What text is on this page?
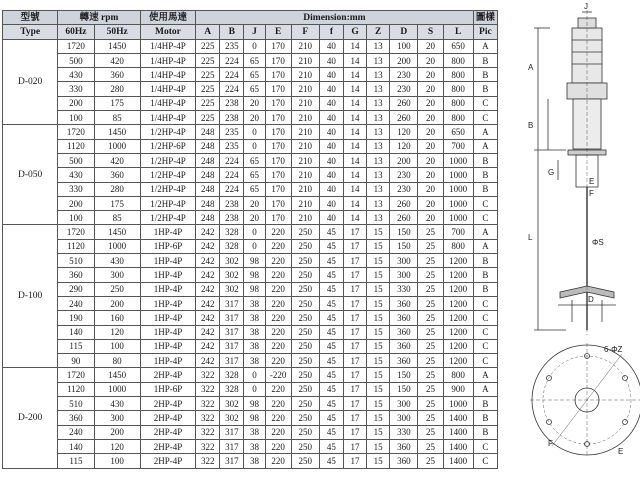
型號	轉速 rpm		使用馬達	Dimension:mm											圖樣
Type	60Hz	50Hz	Motor	A	B	J	E	F	f	G	Z	D	S	L	Pic
D-020	1720	1450	1/4HP-4P	225	235	0	170	210	40	14	13	100	20	650	A
	500	420	1/4HP-4P	225	224	65	170	210	40	14	13	200	20	800	B
	430	360	1/4HP-4P	225	224	65	170	210	40	14	13	230	20	800	B
	330	280	1/4HP-4P	225	224	65	170	210	40	14	13	230	20	800	B
	200	175	1/4HP-4P	225	238	20	170	210	40	14	13	260	20	800	C
	100	85	1/4HP-4P	225	238	20	170	210	40	14	13	260	20	800	C
D-050	1720	1450	1/2HP-4P	248	235	0	170	210	40	14	13	120	20	650	A
	1120	1000	1/2HP-6P	248	235	0	170	210	40	14	13	120	20	700	A
	500	420	1/2HP-4P	248	224	65	170	210	40	14	13	200	20	1000	B
	430	360	1/2HP-4P	248	224	65	170	210	40	14	13	230	20	1000	B
	330	280	1/2HP-4P	248	224	65	170	210	40	14	13	230	20	1000	B
	200	175	1/2HP-4P	248	238	20	170	210	40	14	13	260	20	1000	C
	100	85	1/2HP-4P	248	238	20	170	210	40	14	13	260	20	1000	C
D-100	1720	1450	1HP-4P	242	328	0	220	250	45	17	15	150	25	700	A
	1120	1000	1HP-6P	242	328	0	220	250	45	17	15	150	25	800	A
	510	430	1HP-4P	242	302	98	220	250	45	17	15	300	25	1200	B
	360	300	1HP-4P	242	302	98	220	250	45	17	15	300	25	1200	B
	290	250	1HP-4P	242	302	98	220	250	45	17	15	330	25	1200	B
	240	200	1HP-4P	242	317	38	220	250	45	17	15	360	25	1200	C
	190	160	1HP-4P	242	317	38	220	250	45	17	15	360	25	1200	C
	140	120	1HP-4P	242	317	38	220	250	45	17	15	360	25	1200	C
	115	100	1HP-4P	242	317	38	220	250	45	17	15	360	25	1200	C
	90	80	1HP-4P	242	317	38	220	250	45	17	15	360	25	1200	C
D-200	1720	1450	2HP-4P	322	328	0	-220	250	45	17	15	150	25	800	A
	1120	1000	1HP-6P	322	328	0	220	250	45	17	15	150	25	900	A
	510	430	2HP-4P	322	302	98	220	250	45	17	15	300	25	1000	B
	360	300	2HP-4P	322	302	98	220	250	45	17	15	300	25	1400	B
	240	200	2HP-4P	322	317	38	220	250	45	17	15	330	25	1400	B
	140	120	2HP-4P	322	317	38	220	250	45	17	15	360	25	1400	C
	115	100	2HP-4P	322	317	38	220	250	45	17	15	360	25	1400	C
J
A
B
G
E
F
L
ΦS
D
6-ΦZ
F
E
